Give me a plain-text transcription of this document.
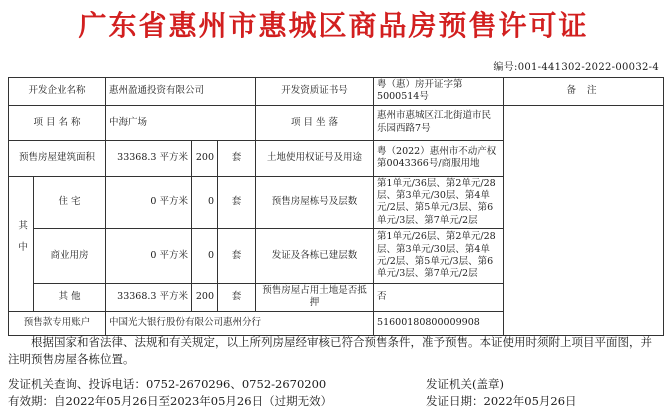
广东省惠州市惠城区商品房预售许可证
编号:001-441302-2022-00032-4
开发企业名称		惠州盈通投资有限公司			开发资质证书号	粤（惠）房开证字第5000514号	备 注
项 目 名 称		中海广场			项 目 坐 落	惠州市惠城区江北街道市民乐园西路7号	
预售房屋建筑面积		33368.3 平方米	200	套	土地使用权证号及用途	粤（2022）惠州市不动产权第0043366号/商服用地	
其中	住 宅	0 平方米	0	套	预售房屋栋号及层数	第1单元/36层、第2单元/28层、第3单元/30层、第4单元/2层、第5单元/3层、第6单元/3层、第7单元/2层	
	商业用房	0 平方米	0	套	发证及各栋已建层数	第1单元/26层、第2单元/28层、第3单元/30层、第4单元/2层、第5单元/3层、第6单元/3层、第7单元/2层	
	其 他	33368.3 平方米	200	套	预售房屋占用土地是否抵押	否	
预售款专用账户		中国光大银行股份有限公司惠州分行				51600180800009908	
根据国家和省法律、法规和有关规定，以上所列房屋经审核已符合预售条件，准予预售。本证使用时须附上项目平面图，并注明预售房屋各栋位置。
发证机关查询、投诉电话：0752-2670296、0752-2670200	发证机关(盖章)
有效期：自2022年05月26日至2023年05月26日（过期无效）	发证日期：2022年05月26日
